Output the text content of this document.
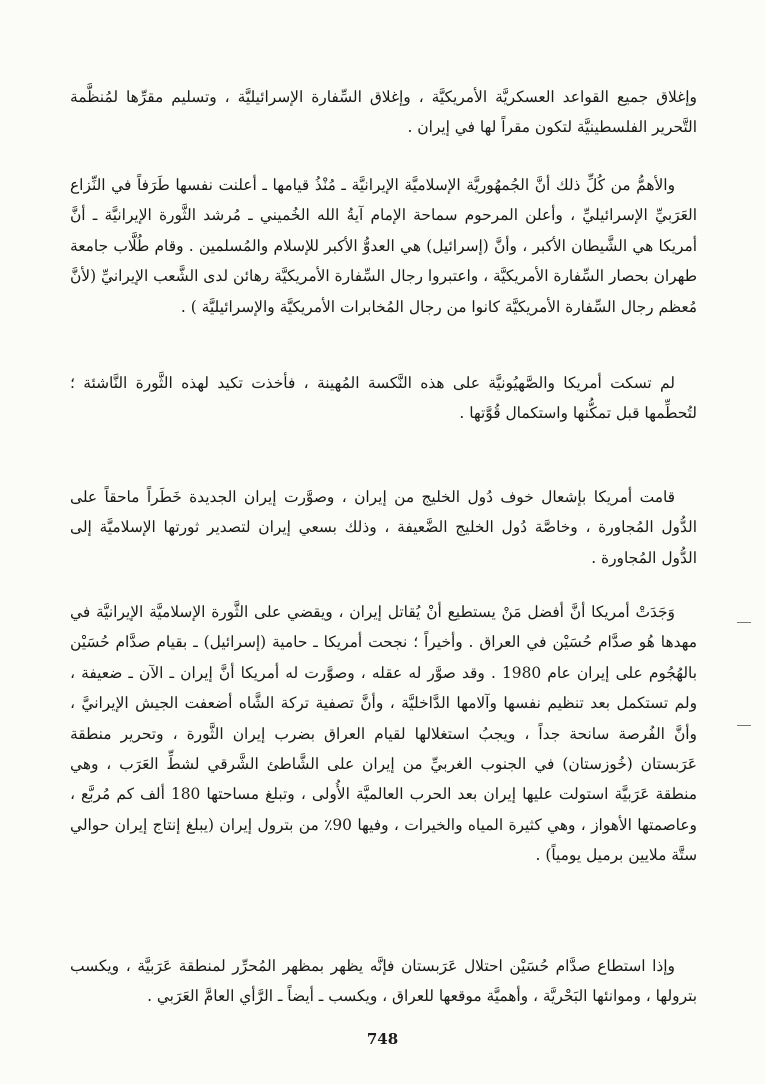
وإغلاق جميع القواعد العسكريَّة الأمريكيَّة ، وإغلاق السِّفارة الإسرائيليَّة ، وتسليم مقرِّها لمُنظَّمة التَّحرير الفلسطينيَّة لتكون مقراً لها في إيران .

والأهمُّ من كُلِّ ذلك أنَّ الجُمهُوريَّة الإسلاميَّة الإيرانيَّة ـ مُنْذُ قيامها ـ أعلنت نفسها طَرَفاً في النِّزاع العَرَبيِّ الإسرائيليِّ ، وأعلن المرحوم سماحة الإمام آيةُ الله الخُميني ـ مُرشد الثَّورة الإيرانيَّة ـ أنَّ أمريكا هي الشَّيطان الأكبر ، وأنَّ (إسرائيل) هي العدوُّ الأكبر للإسلام والمُسلمين . وقام طُلَّاب جامعة طهران بحصار السِّفارة الأمريكيَّة ، واعتبروا رجال السِّفارة الأمريكيَّة رهائن لدى الشَّعب الإيرانيِّ (لأنَّ مُعظم رجال السِّفارة الأمريكيَّة كانوا من رجال المُخابرات الأمريكيَّة والإسرائيليَّة ) .

لم تسكت أمريكا والصَّهيُونيَّة على هذه النَّكسة المُهينة ، فأخذت تكيد لهذه الثَّورة النَّاشئة ؛ لتُحطِّمها قبل تمكُّنها واستكمال قُوَّتها .

قامت أمريكا بإشعال خوف دُول الخليج من إيران ، وصوَّرت إيران الجديدة خَطَراً ماحقاً على الدُّول المُجاورة ، وخاصَّة دُول الخليج الضَّعيفة ، وذلك بسعي إيران لتصدير ثورتها الإسلاميَّة إلى الدُّول المُجاورة .

وَجَدَتْ أمريكا أنَّ أفضل مَنْ يستطيع أنْ يُقاتل إيران ، ويقضي على الثَّورة الإسلاميَّة الإيرانيَّة في مهدها هُو صدَّام حُسَيْن في العراق . وأخيراً ؛ نجحت أمريكا ـ حامية (إسرائيل) ـ بقيام صدَّام حُسَيْن بالهُجُوم على إيران عام 1980 . وقد صوَّر له عقله ، وصوَّرت له أمريكا أنَّ إيران ـ الآن ـ ضعيفة ، ولم تستكمل بعد تنظيم نفسها وآلامها الدَّاخليَّة ، وأنَّ تصفية تركة الشَّاه أضعفت الجيش الإيرانيَّ ، وأنَّ الفُرصة سانحة جداً ، ويجبُ استغلالها لقيام العراق بضرب إيران الثَّورة ، وتحرير منطقة عَرَبستان (خُوزستان) في الجنوب الغربيِّ من إيران على الشَّاطئ الشَّرقي لشطِّ العَرَب ، وهي منطقة عَرَبيَّة استولت عليها إيران بعد الحرب العالميَّة الأُولى ، وتبلغ مساحتها 180 ألف كم مُربَّع ، وعاصمتها الأهواز ، وهي كثيرة المياه والخيرات ، وفيها 90٪ من بترول إيران (يبلغ إنتاج إيران حوالي ستَّة ملايين برميل يومياً) .

وإذا استطاع صدَّام حُسَيْن احتلال عَرَبستان فإنَّه يظهر بمظهر المُحرِّر لمنطقة عَرَبيَّة ، ويكسب بترولها ، وموانئها البَحْريَّة ، وأهميَّة موقعها للعراق ، ويكسب ـ أيضاً ـ الرَّأي العامَّ العَرَبي .

748
